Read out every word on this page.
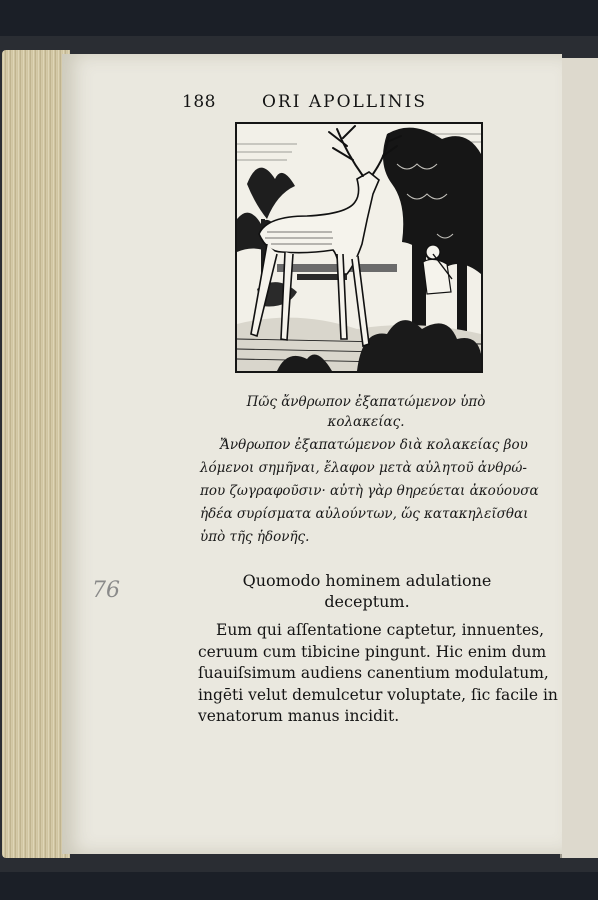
188	ORI APOLLINIS
Πῶς ἄνθρωπον ἐξαπατώμενον ὑπὸ
κολακείας.
Ἄνθρωπον ἐξαπατώμενον διὰ κολακείας βου
λόμενοι σημῆναι, ἔλαφον μετὰ αὐλητοῦ ἀνθρώ-
που ζωγραφοῦσιν· αὐτὴ γὰρ θηρεύεται ἀκούουσα
ἡδέα συρίσματα αὐλούντων, ὥς κατακηλεῖσθαι
ὑπὸ τῆς ἡδονῆς.
76	Quomodo hominem adulatione
deceptum.
Eum qui aſſentatione captetur, innuentes,
ceruum cum tibicine pingunt. Hic enim dum
ſuauiſsimum audiens canentium modulatum,
ingēti velut demulcetur voluptate, ſic facile in
venatorum manus incidit.
